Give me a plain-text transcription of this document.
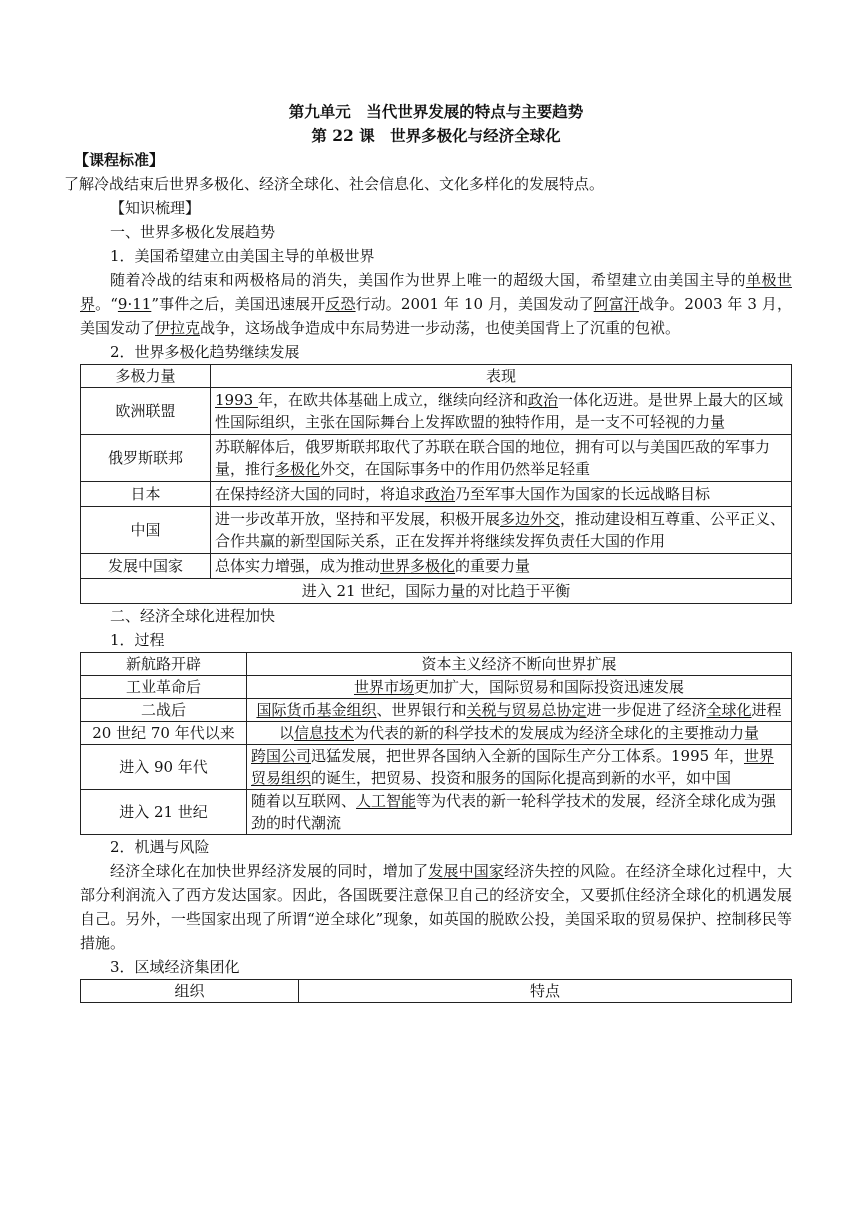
第九单元　当代世界发展的特点与主要趋势

第 22 课　世界多极化与经济全球化

【课程标准】

了解冷战结束后世界多极化、经济全球化、社会信息化、文化多样化的发展特点。

【知识梳理】

一、世界多极化发展趋势

1．美国希望建立由美国主导的单极世界

随着冷战的结束和两极格局的消失，美国作为世界上唯一的超级大国，希望建立由美国主导的单极世界。“9·11”事件之后，美国迅速展开反恐行动。2001 年 10 月，美国发动了阿富汗战争。2003 年 3 月，美国发动了伊拉克战争，这场战争造成中东局势进一步动荡，也使美国背上了沉重的包袱。

2．世界多极化趋势继续发展

多极力量	表现
欧洲联盟	1993 年，在欧共体基础上成立，继续向经济和政治一体化迈进。是世界上最大的区域性国际组织，主张在国际舞台上发挥欧盟的独特作用，是一支不可轻视的力量
俄罗斯联邦	苏联解体后，俄罗斯联邦取代了苏联在联合国的地位，拥有可以与美国匹敌的军事力量，推行多极化外交，在国际事务中的作用仍然举足轻重
日本	在保持经济大国的同时，将追求政治乃至军事大国作为国家的长远战略目标
中国	进一步改革开放，坚持和平发展，积极开展多边外交，推动建设相互尊重、公平正义、合作共赢的新型国际关系，正在发挥并将继续发挥负责任大国的作用
发展中国家	总体实力增强，成为推动世界多极化的重要力量
进入 21 世纪，国际力量的对比趋于平衡	

二、经济全球化进程加快

1．过程

新航路开辟	资本主义经济不断向世界扩展
工业革命后	世界市场更加扩大，国际贸易和国际投资迅速发展
二战后	国际货币基金组织、世界银行和关税与贸易总协定进一步促进了经济全球化进程
20 世纪 70 年代以来	以信息技术为代表的新的科学技术的发展成为经济全球化的主要推动力量
进入 90 年代	跨国公司迅猛发展，把世界各国纳入全新的国际生产分工体系。1995 年，世界贸易组织的诞生，把贸易、投资和服务的国际化提高到新的水平，如中国
进入 21 世纪	随着以互联网、人工智能等为代表的新一轮科学技术的发展，经济全球化成为强劲的时代潮流

2．机遇与风险

经济全球化在加快世界经济发展的同时，增加了发展中国家经济失控的风险。在经济全球化过程中，大部分利润流入了西方发达国家。因此，各国既要注意保卫自己的经济安全，又要抓住经济全球化的机遇发展自己。另外，一些国家出现了所谓“逆全球化”现象，如英国的脱欧公投，美国采取的贸易保护、控制移民等措施。

3．区域经济集团化

组织	特点
